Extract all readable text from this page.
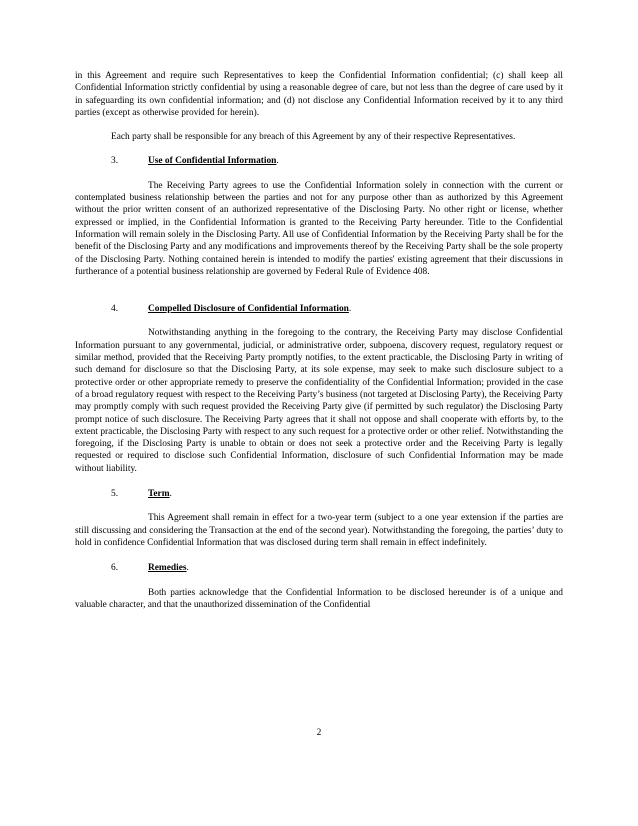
in this Agreement and require such Representatives to keep the Confidential Information confidential; (c) shall keep all Confidential Information strictly confidential by using a reasonable degree of care, but not less than the degree of care used by it in safeguarding its own confidential information; and (d) not disclose any Confidential Information received by it to any third parties (except as otherwise provided for herein).

Each party shall be responsible for any breach of this Agreement by any of their respective Representatives.

3.	Use of Confidential Information.

The Receiving Party agrees to use the Confidential Information solely in connection with the current or contemplated business relationship between the parties and not for any purpose other than as authorized by this Agreement without the prior written consent of an authorized representative of the Disclosing Party. No other right or license, whether expressed or implied, in the Confidential Information is granted to the Receiving Party hereunder. Title to the Confidential Information will remain solely in the Disclosing Party. All use of Confidential Information by the Receiving Party shall be for the benefit of the Disclosing Party and any modifications and improvements thereof by the Receiving Party shall be the sole property of the Disclosing Party. Nothing contained herein is intended to modify the parties' existing agreement that their discussions in furtherance of a potential business relationship are governed by Federal Rule of Evidence 408.

4.	Compelled Disclosure of Confidential Information.

Notwithstanding anything in the foregoing to the contrary, the Receiving Party may disclose Confidential Information pursuant to any governmental, judicial, or administrative order, subpoena, discovery request, regulatory request or similar method, provided that the Receiving Party promptly notifies, to the extent practicable, the Disclosing Party in writing of such demand for disclosure so that the Disclosing Party, at its sole expense, may seek to make such disclosure subject to a protective order or other appropriate remedy to preserve the confidentiality of the Confidential Information; provided in the case of a broad regulatory request with respect to the Receiving Party’s business (not targeted at Disclosing Party), the Receiving Party may promptly comply with such request provided the Receiving Party give (if permitted by such regulator) the Disclosing Party prompt notice of such disclosure. The Receiving Party agrees that it shall not oppose and shall cooperate with efforts by, to the extent practicable, the Disclosing Party with respect to any such request for a protective order or other relief. Notwithstanding the foregoing, if the Disclosing Party is unable to obtain or does not seek a protective order and the Receiving Party is legally requested or required to disclose such Confidential Information, disclosure of such Confidential Information may be made without liability.

5.	Term.

This Agreement shall remain in effect for a two-year term (subject to a one year extension if the parties are still discussing and considering the Transaction at the end of the second year). Notwithstanding the foregoing, the parties’ duty to hold in confidence Confidential Information that was disclosed during term shall remain in effect indefinitely.

6.	Remedies.

Both parties acknowledge that the Confidential Information to be disclosed hereunder is of a unique and valuable character, and that the unauthorized dissemination of the Confidential

2
